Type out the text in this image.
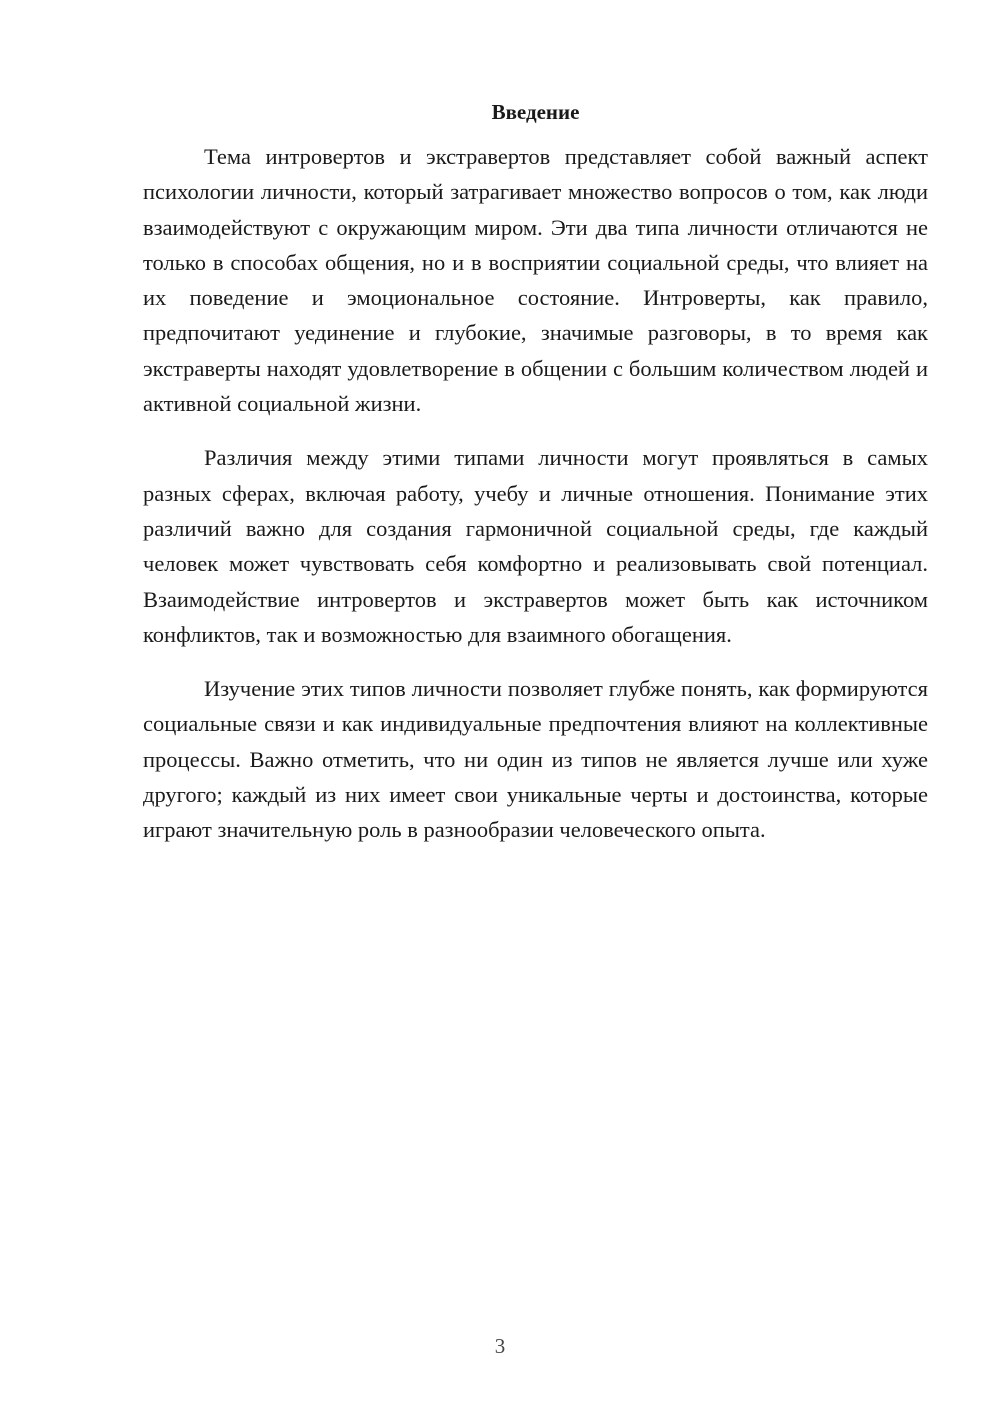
Введение

Тема интровертов и экстравертов представляет собой важный аспект психологии личности, который затрагивает множество вопросов о том, как люди взаимодействуют с окружающим миром. Эти два типа личности отличаются не только в способах общения, но и в восприятии социальной среды, что влияет на их поведение и эмоциональное состояние. Интроверты, как правило, предпочитают уединение и глубокие, значимые разговоры, в то время как экстраверты находят удовлетворение в общении с большим количеством людей и активной социальной жизни.

Различия между этими типами личности могут проявляться в самых разных сферах, включая работу, учебу и личные отношения. Понимание этих различий важно для создания гармоничной социальной среды, где каждый человек может чувствовать себя комфортно и реализовывать свой потенциал. Взаимодействие интровертов и экстравертов может быть как источником конфликтов, так и возможностью для взаимного обогащения.

Изучение этих типов личности позволяет глубже понять, как формируются социальные связи и как индивидуальные предпочтения влияют на коллективные процессы. Важно отметить, что ни один из типов не является лучше или хуже другого; каждый из них имеет свои уникальные черты и достоинства, которые играют значительную роль в разнообразии человеческого опыта.

3
